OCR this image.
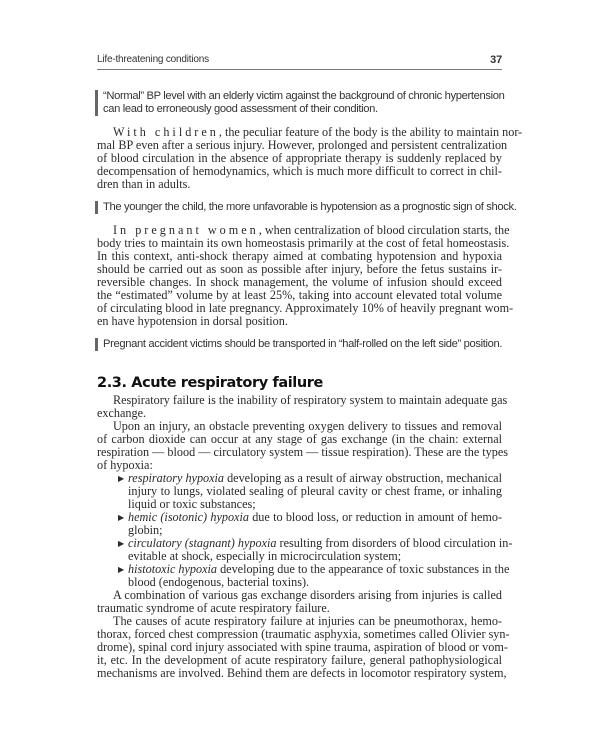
Life-threatening conditions	37
“Normal” BP level with an elderly victim against the background of chronic hypertension
can lead to erroneously good assessment of their condition.
With children, the peculiar feature of the body is the ability to maintain nor-
mal BP even after a serious injury. However, prolonged and persistent centralization
of blood circulation in the absence of appropriate therapy is suddenly replaced by
decompensation of hemodynamics, which is much more difficult to correct in chil-
dren than in adults.
The younger the child, the more unfavorable is hypotension as a prognostic sign of shock.
In pregnant women, when centralization of blood circulation starts, the
body tries to maintain its own homeostasis primarily at the cost of fetal homeostasis.
In this context, anti-shock therapy aimed at combating hypotension and hypoxia
should be carried out as soon as possible after injury, before the fetus sustains ir-
reversible changes. In shock management, the volume of infusion should exceed
the “estimated” volume by at least 25%, taking into account elevated total volume
of circulating blood in late pregnancy. Approximately 10% of heavily pregnant wom-
en have hypotension in dorsal position.
Pregnant accident victims should be transported in “half-rolled on the left side” position.
2.3. Acute respiratory failure
Respiratory failure is the inability of respiratory system to maintain adequate gas
exchange.
Upon an injury, an obstacle preventing oxygen delivery to tissues and removal
of carbon dioxide can occur at any stage of gas exchange (in the chain: external
respiration — blood — circulatory system — tissue respiration). These are the types
of hypoxia:
▶ respiratory hypoxia developing as a result of airway obstruction, mechanical
injury to lungs, violated sealing of pleural cavity or chest frame, or inhaling
liquid or toxic substances;
▶ hemic (isotonic) hypoxia due to blood loss, or reduction in amount of hemo-
globin;
▶ circulatory (stagnant) hypoxia resulting from disorders of blood circulation in-
evitable at shock, especially in microcirculation system;
▶ histotoxic hypoxia developing due to the appearance of toxic substances in the
blood (endogenous, bacterial toxins).
A combination of various gas exchange disorders arising from injuries is called
traumatic syndrome of acute respiratory failure.
The causes of acute respiratory failure at injuries can be pneumothorax, hemo-
thorax, forced chest compression (traumatic asphyxia, sometimes called Olivier syn-
drome), spinal cord injury associated with spine trauma, aspiration of blood or vom-
it, etc. In the development of acute respiratory failure, general pathophysiological
mechanisms are involved. Behind them are defects in locomotor respiratory system,
